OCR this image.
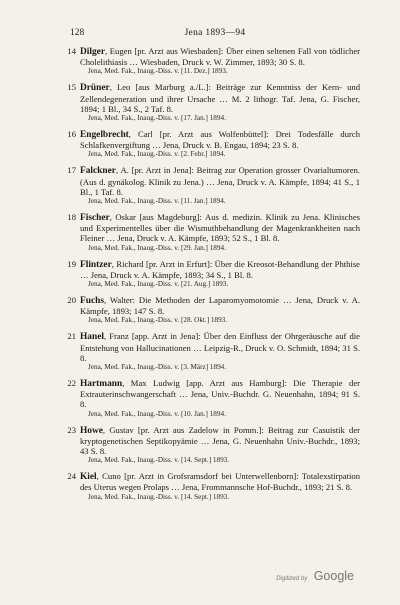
128	Jena 1893—94
14 Dilger, Eugen [pr. Arzt aus Wiesbaden]: Über einen seltenen Fall von tödlicher Cholelithiasis … Wiesbaden, Druck v. W. Zimmer, 1893; 30 S. 8.
Jena, Med. Fak., Inaug.-Diss. v. [11. Dez.] 1893.
15 Drüner, Leo [aus Marburg a./L.]: Beiträge zur Kenntniss der Kern- und Zellendegeneration und ihrer Ursache … M. 2 lithogr. Taf. Jena, G. Fischer, 1894; 1 Bl., 34 S., 2 Taf. 8.
Jena, Med. Fak., Inaug.-Diss. v. [17. Jan.] 1894.
16 Engelbrecht, Carl [pr. Arzt aus Wolfenbüttel]: Drei Todesfälle durch Schlafkenvergiftung … Jena, Druck v. B. Engau, 1894; 23 S. 8.
Jena, Med. Fak., Inaug.-Diss. v. [2. Febr.] 1894.
17 Falckner, A. [pr. Arzt in Jena]: Beitrag zur Operation grosser Ovarialtumoren. (Aus d. gynäkolog. Klinik zu Jena.) … Jena, Druck v. A. Kämpfe, 1894; 41 S., 1 Bl., 1 Taf. 8.
Jena, Med. Fak., Inaug.-Diss. v. [11. Jan.] 1894.
18 Fischer, Oskar [aus Magdeburg]: Aus d. medizin. Klinik zu Jena. Klinisches und Experimentelles über die Wismuthbehandlung der Magenkrankheiten nach Fleiner … Jena, Druck v. A. Kämpfe, 1893; 52 S., 1 Bl. 8.
Jena, Med. Fak., Inaug.-Diss. v. [29. Jan.] 1894.
19 Flintzer, Richard [pr. Arzt in Erfurt]: Über die Kreosot-Behandlung der Phthise … Jena, Druck v. A. Kämpfe, 1893; 34 S., 1 Bl. 8.
Jena, Med. Fak., Inaug.-Diss. v. [21. Aug.] 1893.
20 Fuchs, Walter: Die Methoden der Laparomyomotomie … Jena, Druck v. A. Kämpfe, 1893; 147 S. 8.
Jena, Med. Fak., Inaug.-Diss. v. [28. Okt.] 1893.
21 Hanel, Franz [app. Arzt in Jena]: Über den Einfluss der Ohrgeräusche auf die Entstehung von Hallucinationen … Leipzig-R., Druck v. O. Schmidt, 1894; 31 S. 8.
Jena, Med. Fak., Inaug.-Diss. v. [3. März] 1894.
22 Hartmann, Max Ludwig [app. Arzt aus Hamburg]: Die Therapie der Extrauterinschwangerschaft … Jena, Univ.-Buchdr. G. Neuenhahn, 1894; 91 S. 8.
Jena, Med. Fak., Inaug.-Diss. v. [10. Jan.] 1894.
23 Howe, Gustav [pr. Arzt aus Zadelow in Pomm.]: Beitrag zur Casuistik der kryptogenetischen Septikopyämie … Jena, G. Neuenhahn Univ.-Buchdr., 1893; 43 S. 8.
Jena, Med. Fak., Inaug.-Diss. v. [14. Sept.] 1893.
24 Kiel, Cuno [pr. Arzt in Grofsramsdorf bei Unterwellenborn]: Totalexstirpation des Uterus wegen Prolaps … Jena, Frommannsche Hof-Buchdr., 1893; 21 S. 8.
Jena, Med. Fak., Inaug.-Diss. v. [14. Sept.] 1893.
Digitized by Google
